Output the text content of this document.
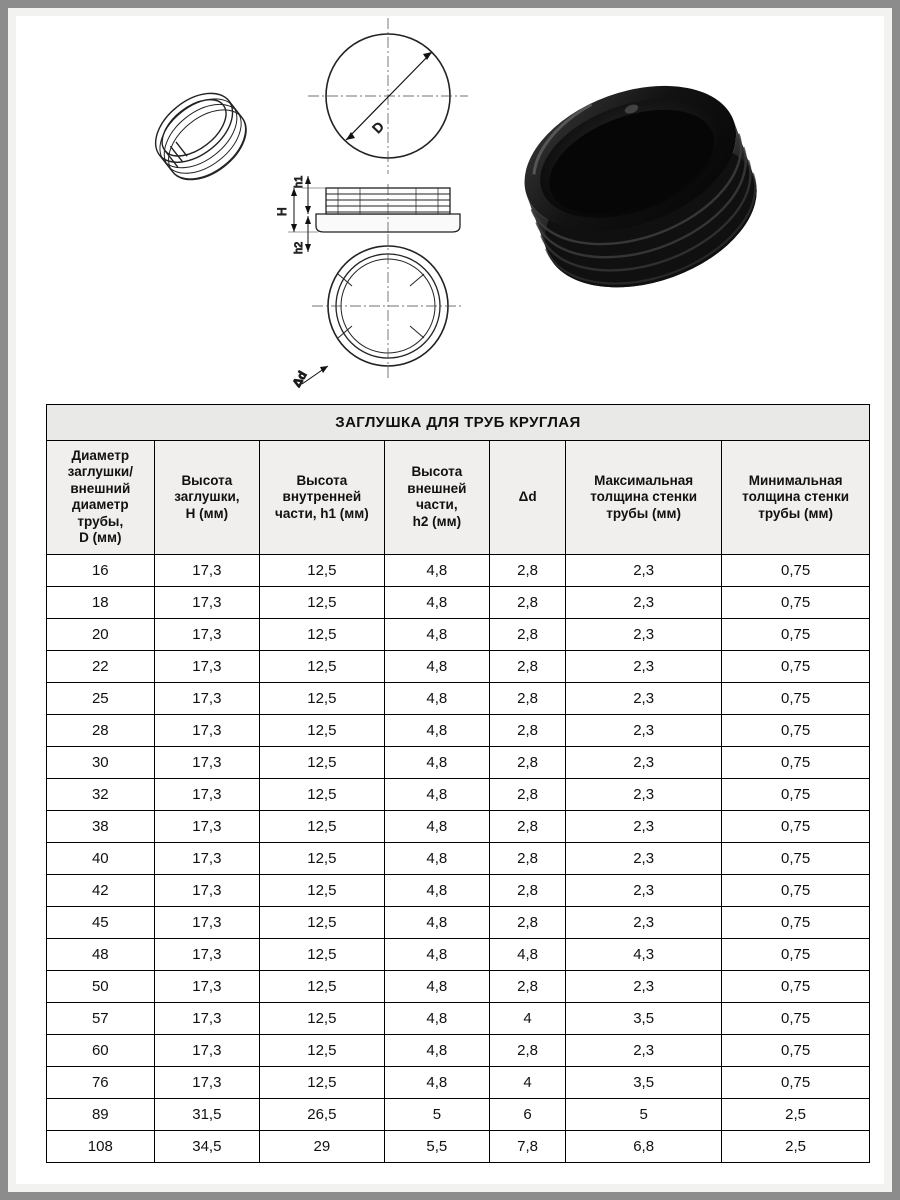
D
H
h1
h2
Δd
ЗАГЛУШКА ДЛЯ ТРУБ КРУГЛАЯ						
Диаметр
заглушки/
внешний
диаметр
трубы,
D (мм)	Высота
заглушки,
H (мм)	Высота
внутренней
части, h1 (мм)	Высота
внешней
части,
h2 (мм)	Δd	Максимальная
толщина стенки
трубы (мм)	Минимальная
толщина стенки
трубы (мм)
16	17,3	12,5	4,8	2,8	2,3	0,75
18	17,3	12,5	4,8	2,8	2,3	0,75
20	17,3	12,5	4,8	2,8	2,3	0,75
22	17,3	12,5	4,8	2,8	2,3	0,75
25	17,3	12,5	4,8	2,8	2,3	0,75
28	17,3	12,5	4,8	2,8	2,3	0,75
30	17,3	12,5	4,8	2,8	2,3	0,75
32	17,3	12,5	4,8	2,8	2,3	0,75
38	17,3	12,5	4,8	2,8	2,3	0,75
40	17,3	12,5	4,8	2,8	2,3	0,75
42	17,3	12,5	4,8	2,8	2,3	0,75
45	17,3	12,5	4,8	2,8	2,3	0,75
48	17,3	12,5	4,8	4,8	4,3	0,75
50	17,3	12,5	4,8	2,8	2,3	0,75
57	17,3	12,5	4,8	4	3,5	0,75
60	17,3	12,5	4,8	2,8	2,3	0,75
76	17,3	12,5	4,8	4	3,5	0,75
89	31,5	26,5	5	6	5	2,5
108	34,5	29	5,5	7,8	6,8	2,5
